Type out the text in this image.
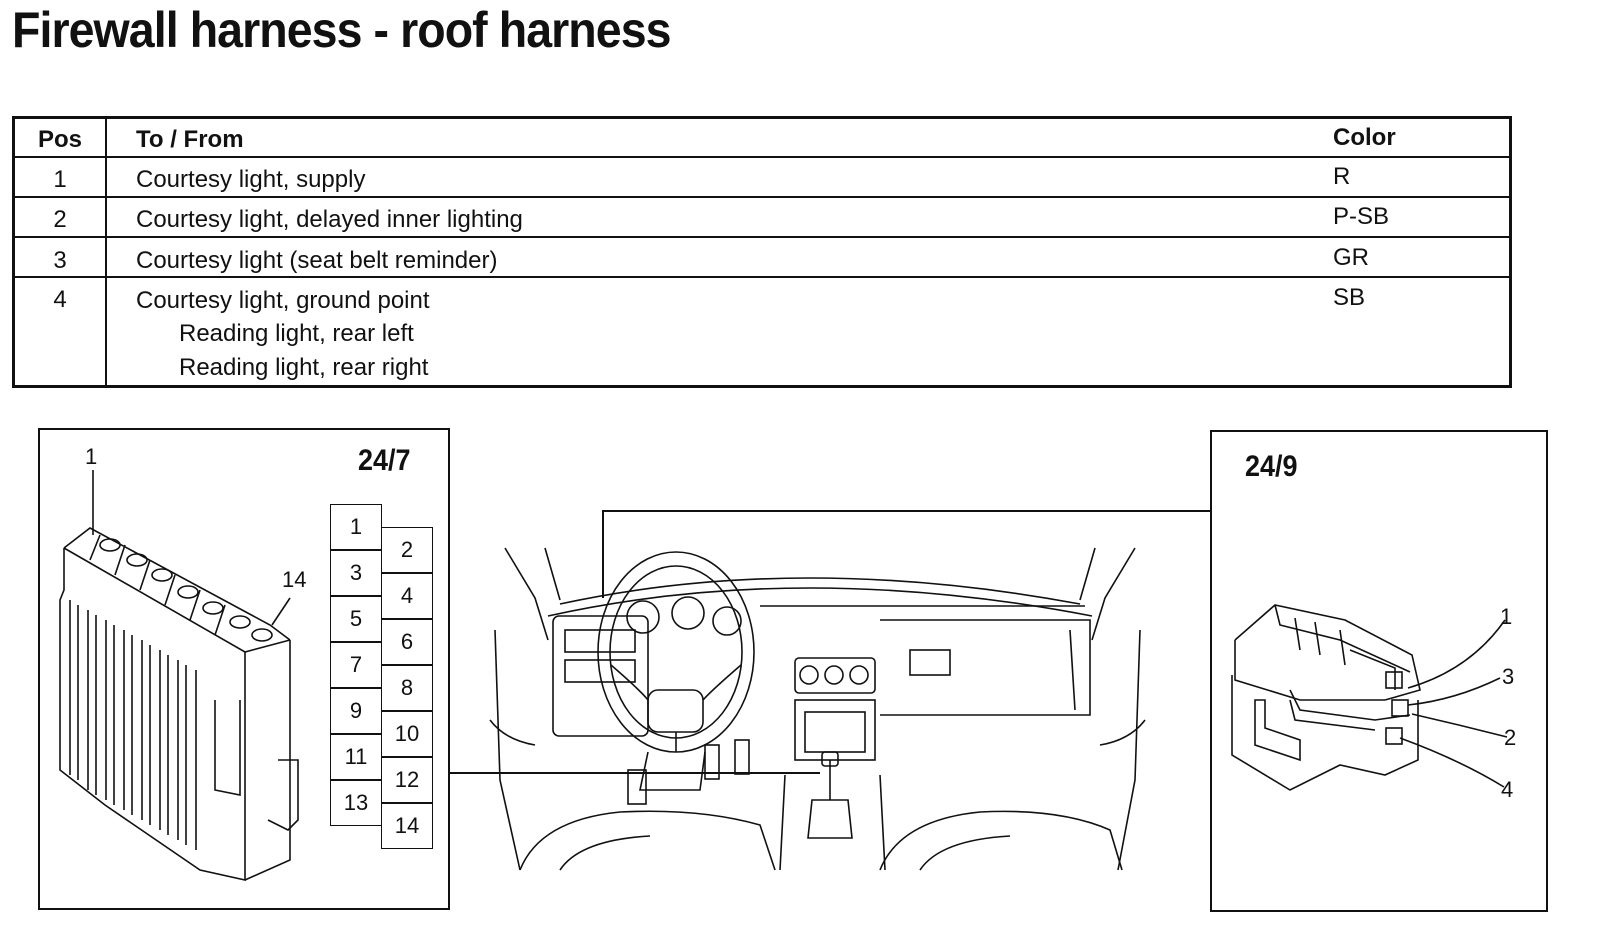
Firewall harness - roof harness
Pos	To / From	Color
1	Courtesy light, supply	R
2	Courtesy light, delayed inner lighting	P-SB
3	Courtesy light (seat belt reminder)	GR
4	Courtesy light, ground point	SB
Reading light, rear left
Reading light, rear right
24/7
1
14
1
3
5
7
9
11
13
2
4
6
8
10
12
14
24/9
1
3
2
4
